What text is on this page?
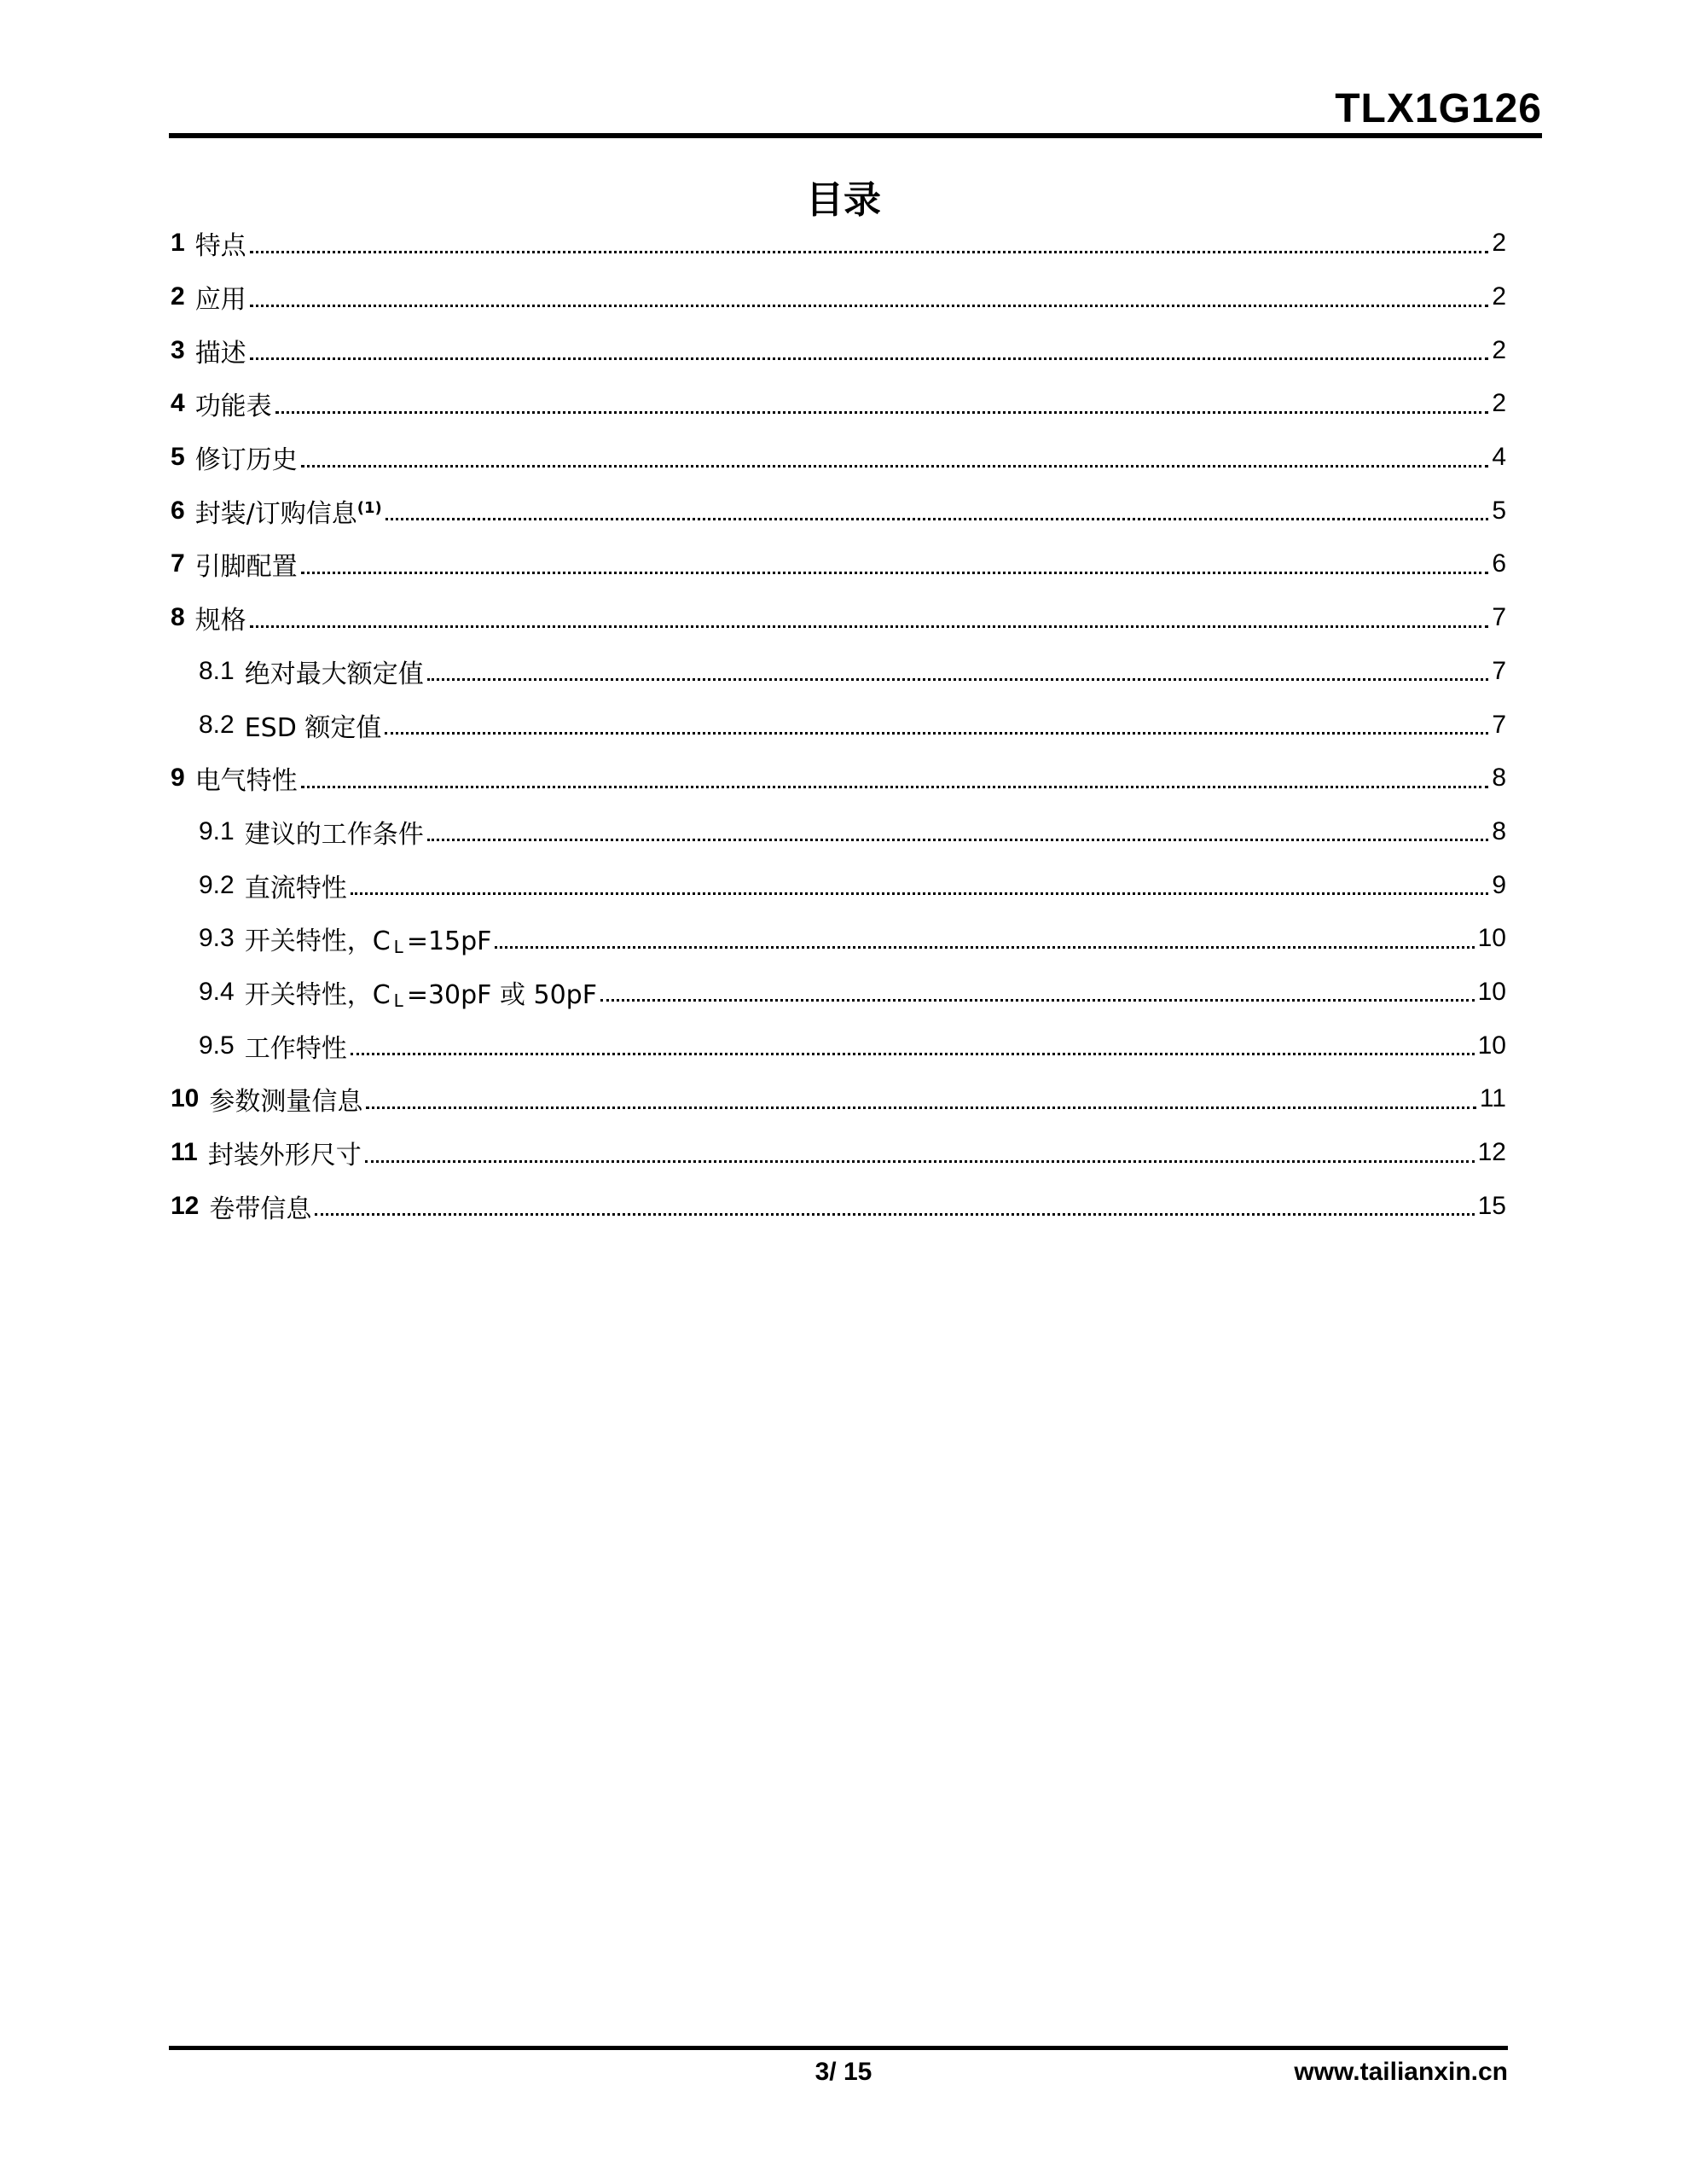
TLX1G126
目录
1 特点	2
2 应用	2
3 描述	2
4 功能表	2
5 修订历史	4
6 封装/订购信息$^{(1)}$	5
7 引脚配置	6
8 规格	7
8.1 绝对最大额定值	7
8.2 ESD 额定值	7
9 电气特性	8
9.1 建议的工作条件	8
9.2 直流特性	9
9.3 开关特性，C $_L$ =15pF	10
9.4 开关特性，C $_L$ =30pF 或 50pF	10
9.5 工作特性	10
10 参数测量信息	11
11 封装外形尺寸	12
12 卷带信息	15
3/ 15	www.tailianxin.cn
